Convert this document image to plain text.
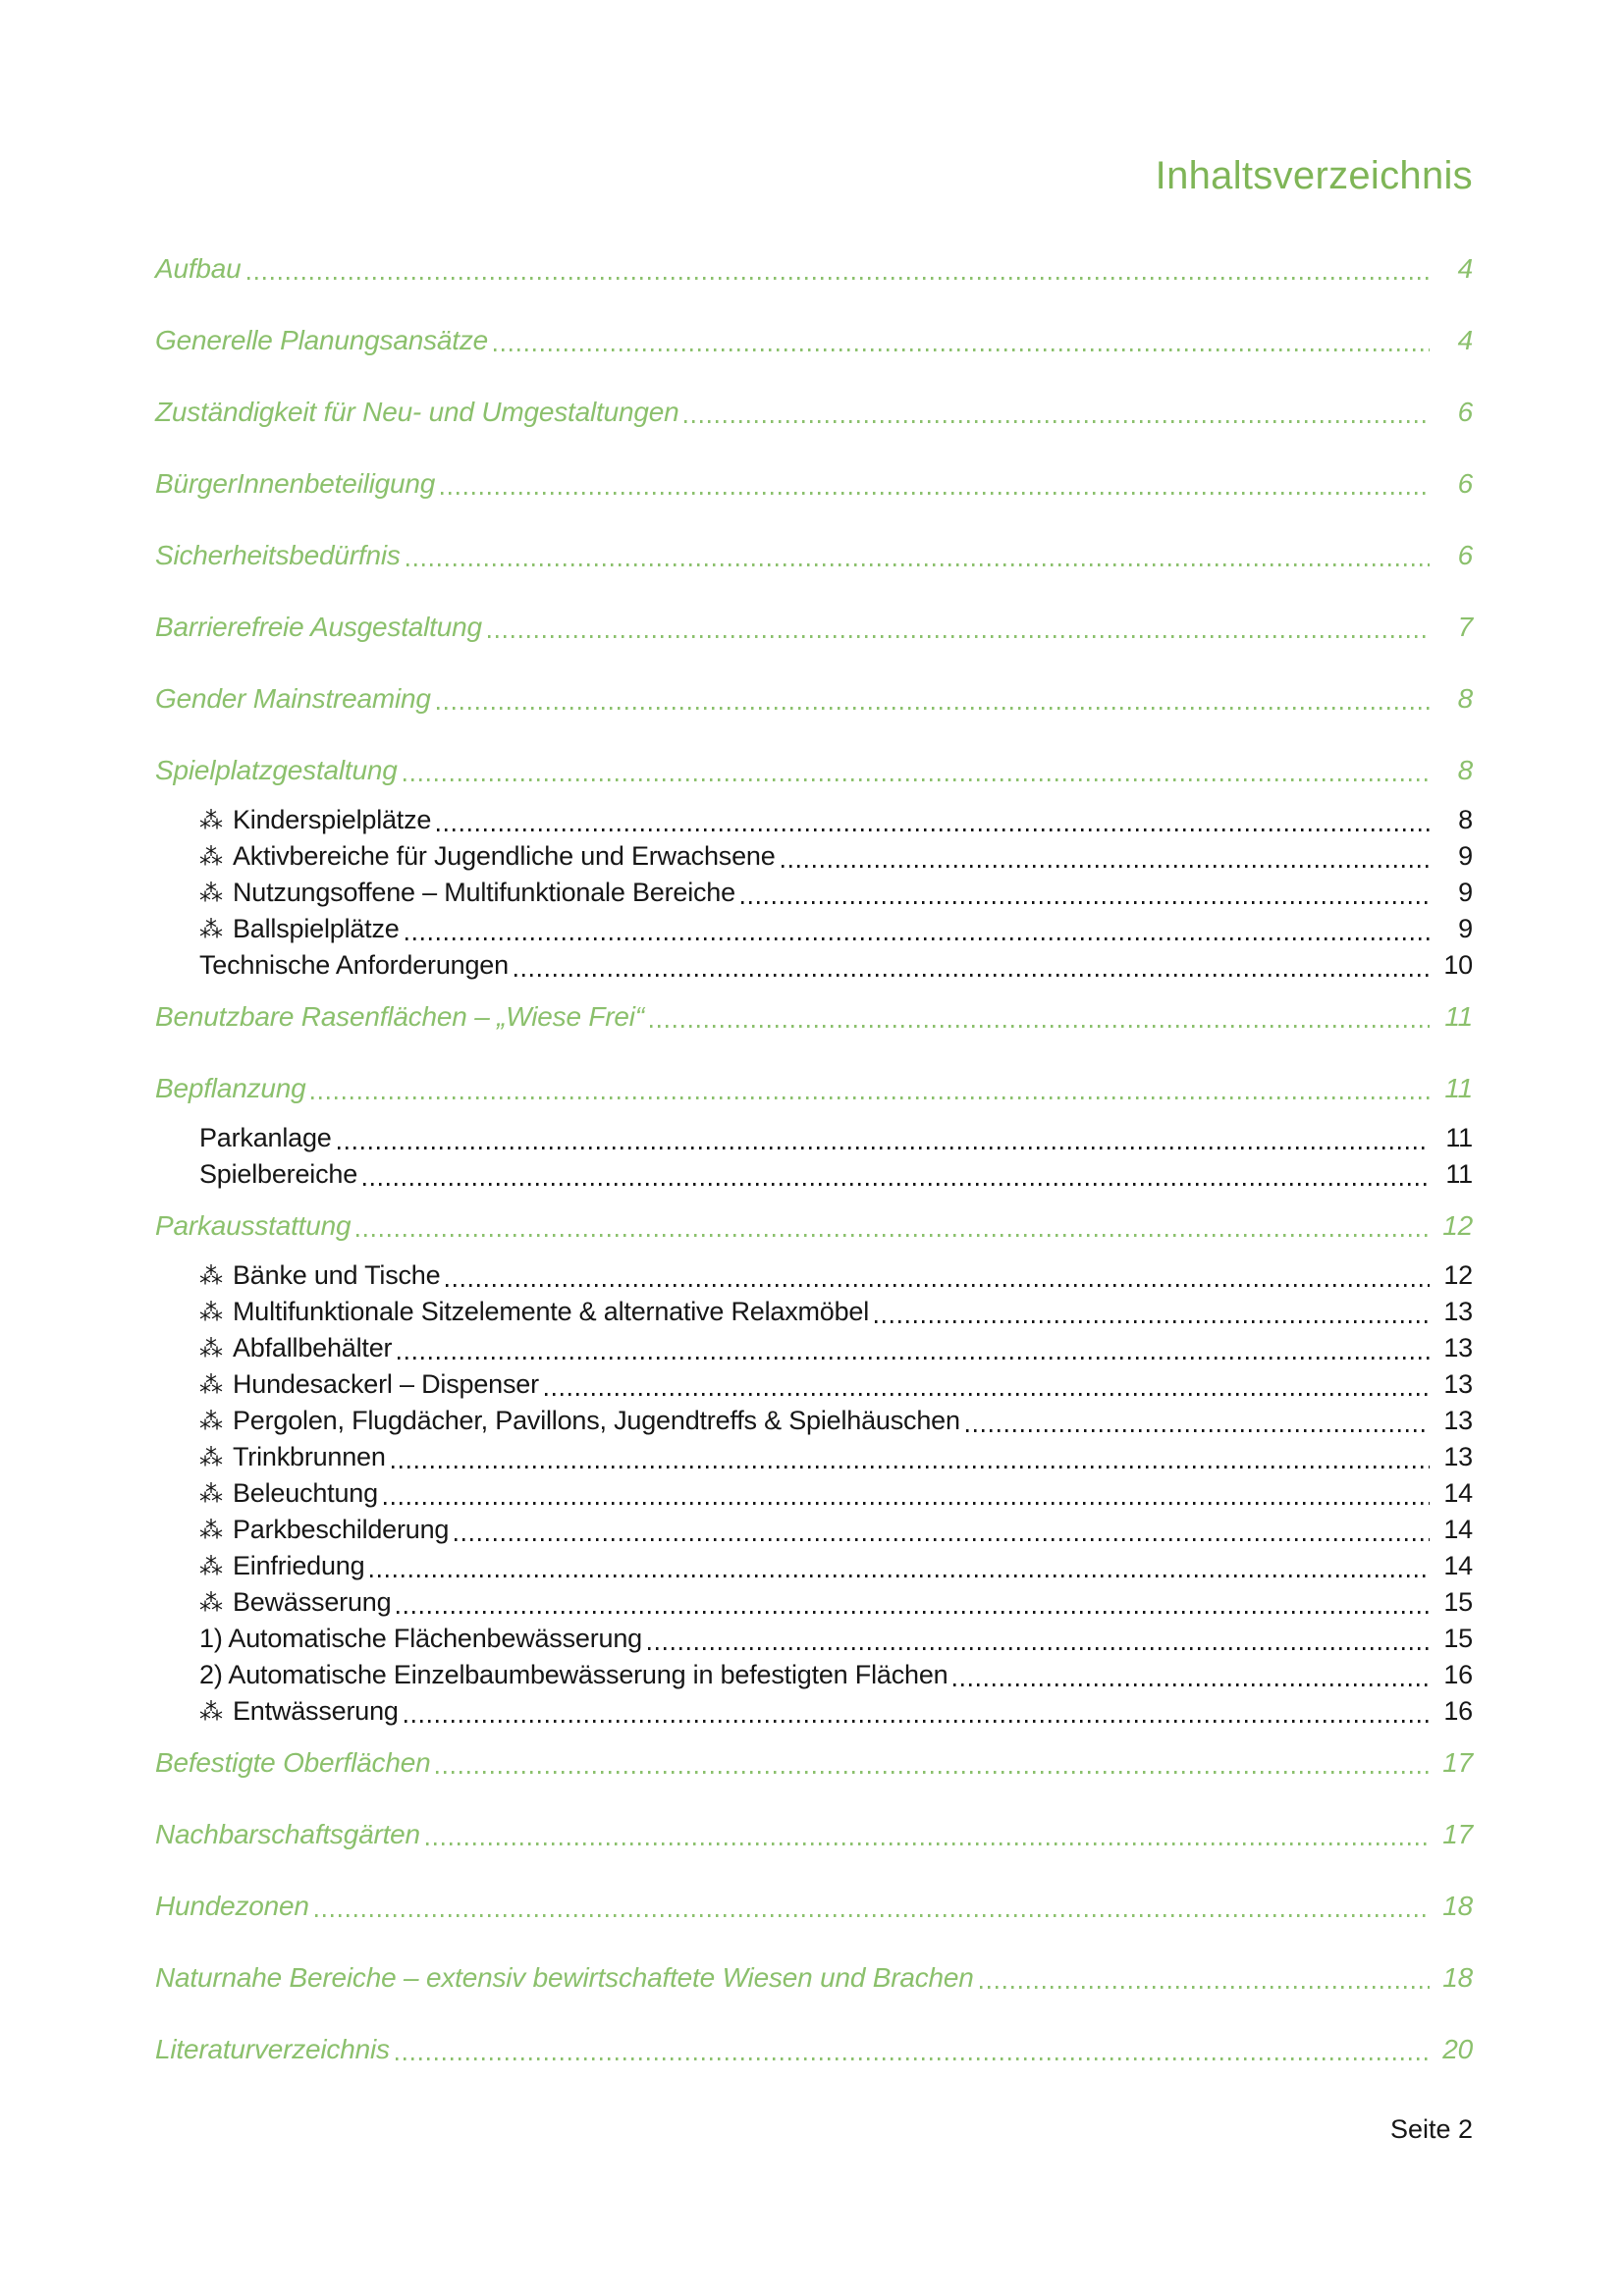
Inhaltsverzeichnis
Aufbau	4
Generelle Planungsansätze	4
Zuständigkeit für Neu- und Umgestaltungen	6
BürgerInnenbeteiligung	6
Sicherheitsbedürfnis	6
Barrierefreie Ausgestaltung	7
Gender Mainstreaming	8
Spielplatzgestaltung	8
⁂ Kinderspielplätze	8
⁂ Aktivbereiche für Jugendliche und Erwachsene	9
⁂ Nutzungsoffene – Multifunktionale Bereiche	9
⁂ Ballspielplätze	9
Technische Anforderungen	10
Benutzbare Rasenflächen – „Wiese Frei“	11
Bepflanzung	11
Parkanlage	11
Spielbereiche	11
Parkausstattung	12
⁂ Bänke und Tische	12
⁂ Multifunktionale Sitzelemente & alternative Relaxmöbel	13
⁂ Abfallbehälter	13
⁂ Hundesackerl – Dispenser	13
⁂ Pergolen, Flugdächer, Pavillons, Jugendtreffs & Spielhäuschen	13
⁂ Trinkbrunnen	13
⁂ Beleuchtung	14
⁂ Parkbeschilderung	14
⁂ Einfriedung	14
⁂ Bewässerung	15
1) Automatische Flächenbewässerung	15
2) Automatische Einzelbaumbewässerung in befestigten Flächen	16
⁂ Entwässerung	16
Befestigte Oberflächen	17
Nachbarschaftsgärten	17
Hundezonen	18
Naturnahe Bereiche – extensiv bewirtschaftete Wiesen und Brachen	18
Literaturverzeichnis	20
Seite 2
